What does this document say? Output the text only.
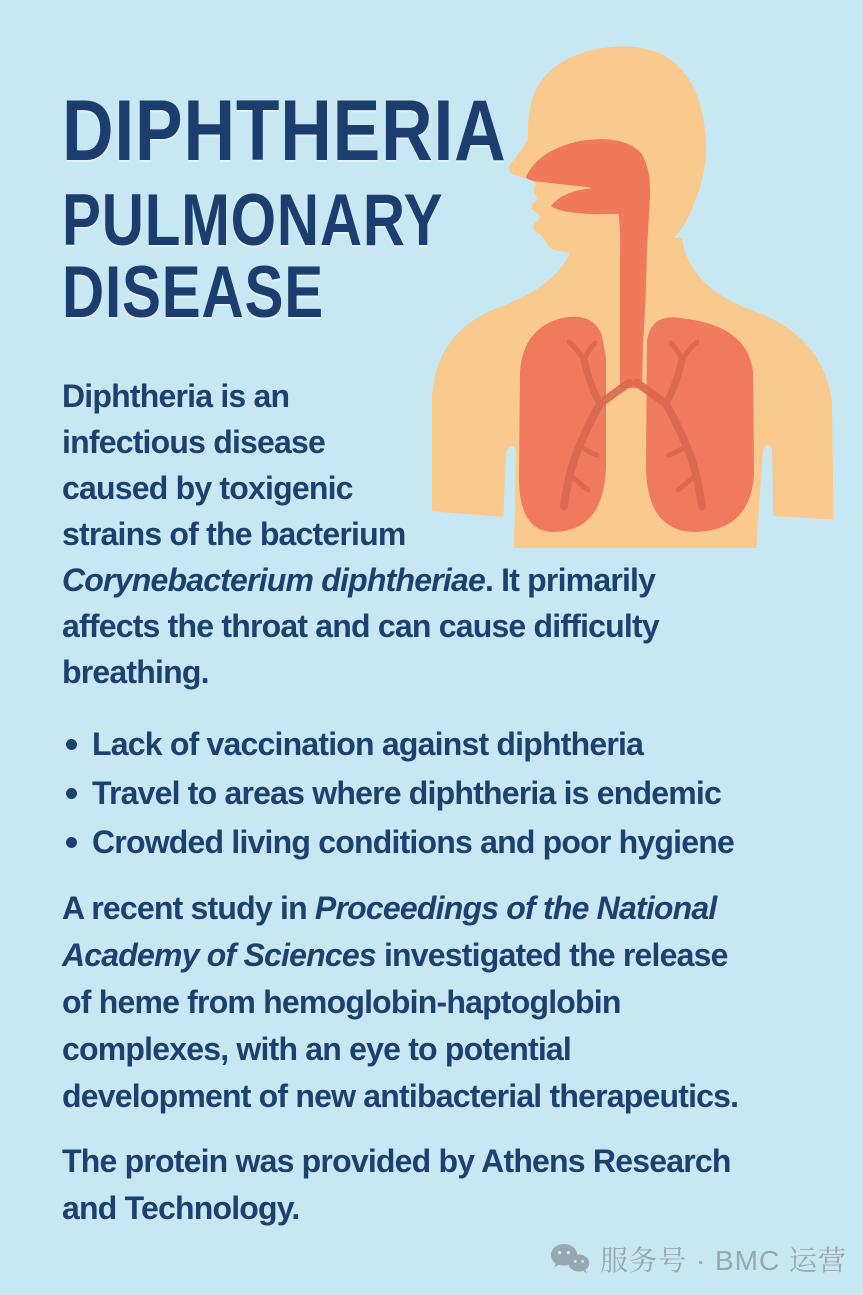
DIPHTHERIA
PULMONARY
DISEASE
Diphtheria is an
infectious disease
caused by toxigenic
strains of the bacterium
Corynebacterium diphtheriae. It primarily
affects the throat and can cause difficulty
breathing.
Lack of vaccination against diphtheria
Travel to areas where diphtheria is endemic
Crowded living conditions and poor hygiene
A recent study in Proceedings of the National
Academy of Sciences investigated the release
of heme from hemoglobin-haptoglobin
complexes, with an eye to potential
development of new antibacterial therapeutics.
The protein was provided by Athens Research
and Technology.
服务号 · BMC 运营
